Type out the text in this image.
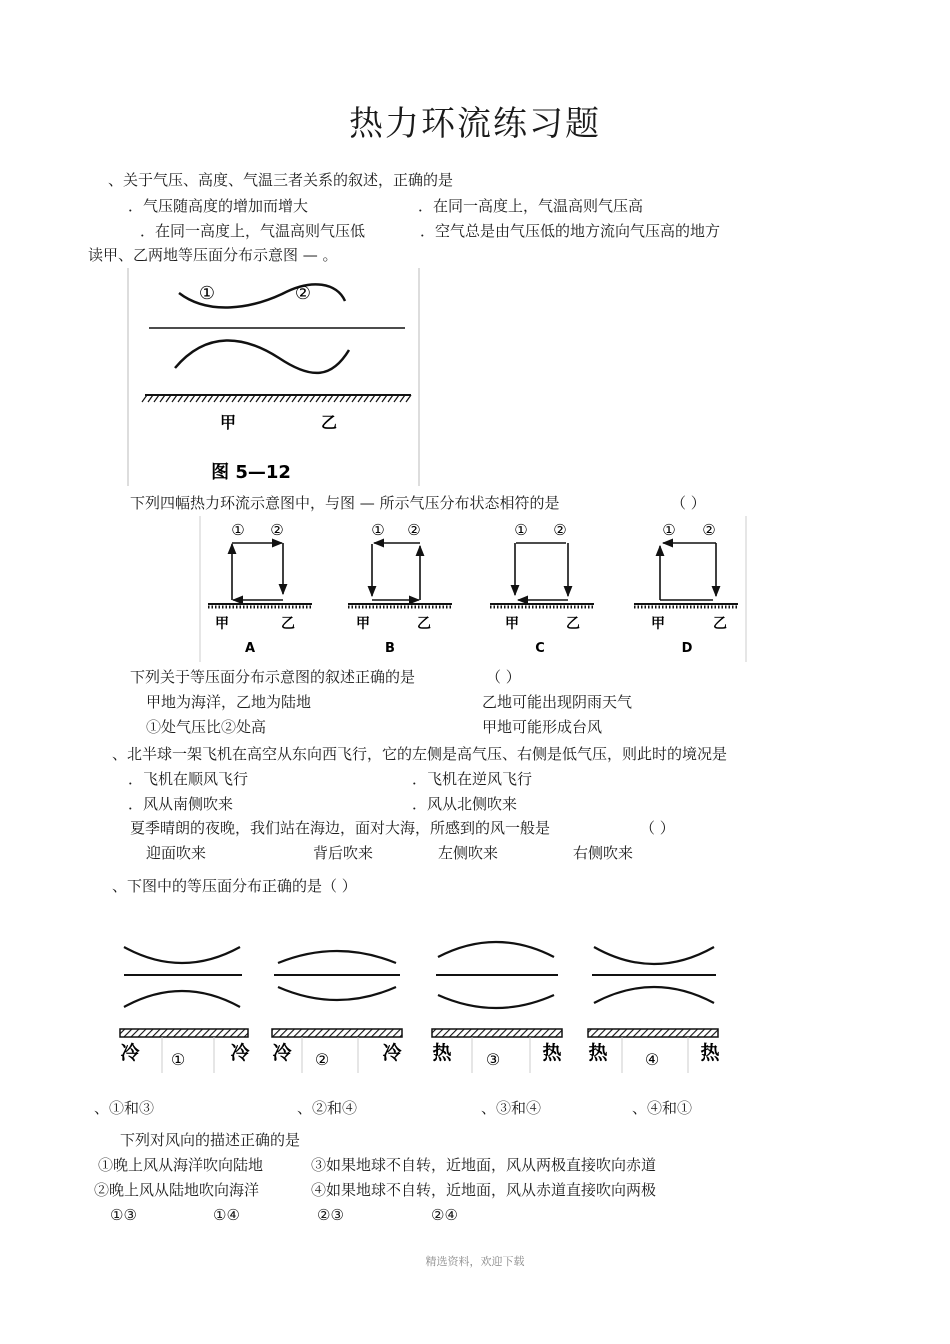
热力环流练习题
、关于气压、高度、气温三者关系的叙述，正确的是
．气压随高度的增加而增大	．在同一高度上，气温高则气压高
．在同一高度上，气温高则气压低	．空气总是由气压低的地方流向气压高的地方
读甲、乙两地等压面分布示意图 — 。
①	②
甲	乙
图 5—12
下列四幅热力环流示意图中，与图 — 所示气压分布状态相符的是	（ ）
① ②
甲	乙
A
① ②
甲	乙
B
① ②
甲	乙
C
① ②
甲	乙
D
下列关于等压面分布示意图的叙述正确的是	（ ）
甲地为海洋，乙地为陆地	乙地可能出现阴雨天气
①处气压比②处高	甲地可能形成台风
、北半球一架飞机在高空从东向西飞行，它的左侧是高气压、右侧是低气压，则此时的境况是
．飞机在顺风飞行	．飞机在逆风飞行
．风从南侧吹来	．风从北侧吹来
夏季晴朗的夜晚，我们站在海边，面对大海，所感到的风一般是	（ ）
迎面吹来	背后吹来	左侧吹来	右侧吹来
、下图中的等压面分布正确的是（ ）
冷 ① 冷 冷 ②	冷 热 ③ 热 热 ④ 热
、①和③	、②和④	、③和④	、④和①
下列对风向的描述正确的是
①晚上风从海洋吹向陆地	③如果地球不自转，近地面，风从两极直接吹向赤道
②晚上风从陆地吹向海洋	④如果地球不自转，近地面，风从赤道直接吹向两极
①③	①④	②③	②④
精选资料，欢迎下载
